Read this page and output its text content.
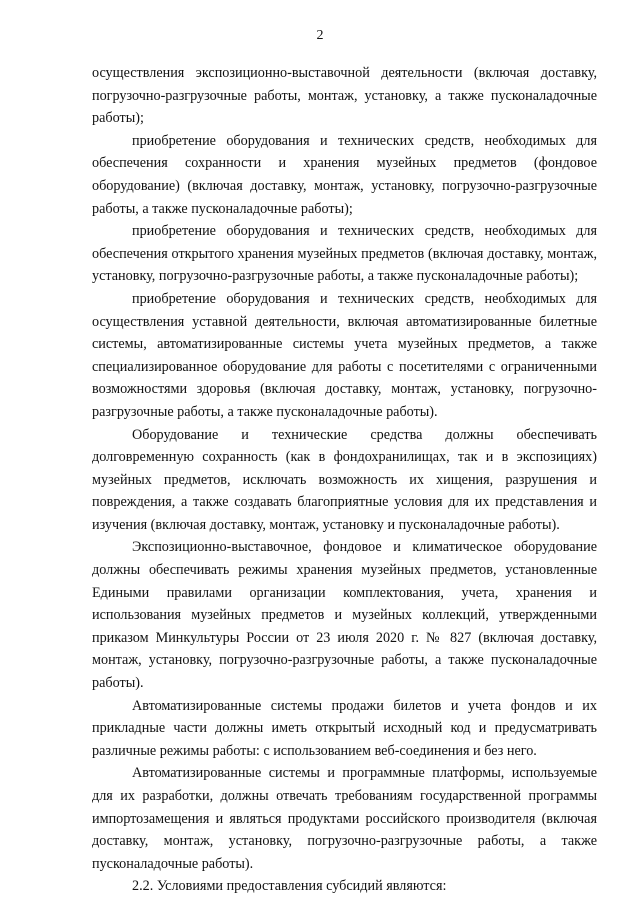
2

осуществления экспозиционно-выставочной деятельности (включая доставку, погрузочно-разгрузочные работы, монтаж, установку, а также пусконаладочные работы);

приобретение оборудования и технических средств, необходимых для обеспечения сохранности и хранения музейных предметов (фондовое оборудование) (включая доставку, монтаж, установку, погрузочно-разгрузочные работы, а также пусконаладочные работы);

приобретение оборудования и технических средств, необходимых для обеспечения открытого хранения музейных предметов (включая доставку, монтаж, установку, погрузочно-разгрузочные работы, а также пусконаладочные работы);

приобретение оборудования и технических средств, необходимых для осуществления уставной деятельности, включая автоматизированные билетные системы, автоматизированные системы учета музейных предметов, а также специализированное оборудование для работы с посетителями с ограниченными возможностями здоровья (включая доставку, монтаж, установку, погрузочно-разгрузочные работы, а также пусконаладочные работы).

Оборудование и технические средства должны обеспечивать долговременную сохранность (как в фондохранилищах, так и в экспозициях) музейных предметов, исключать возможность их хищения, разрушения и повреждения, а также создавать благоприятные условия для их представления и изучения (включая доставку, монтаж, установку и пусконаладочные работы).

Экспозиционно-выставочное, фондовое и климатическое оборудование должны обеспечивать режимы хранения музейных предметов, установленные Едиными правилами организации комплектования, учета, хранения и использования музейных предметов и музейных коллекций, утвержденными приказом Минкультуры России от 23 июля 2020 г. № 827 (включая доставку, монтаж, установку, погрузочно-разгрузочные работы, а также пусконаладочные работы).

Автоматизированные системы продажи билетов и учета фондов и их прикладные части должны иметь открытый исходный код и предусматривать различные режимы работы: с использованием веб-соединения и без него.

Автоматизированные системы и программные платформы, используемые для их разработки, должны отвечать требованиям государственной программы импортозамещения и являться продуктами российского производителя (включая доставку, монтаж, установку, погрузочно-разгрузочные работы, а также пусконаладочные работы).

2.2. Условиями предоставления субсидий являются:
